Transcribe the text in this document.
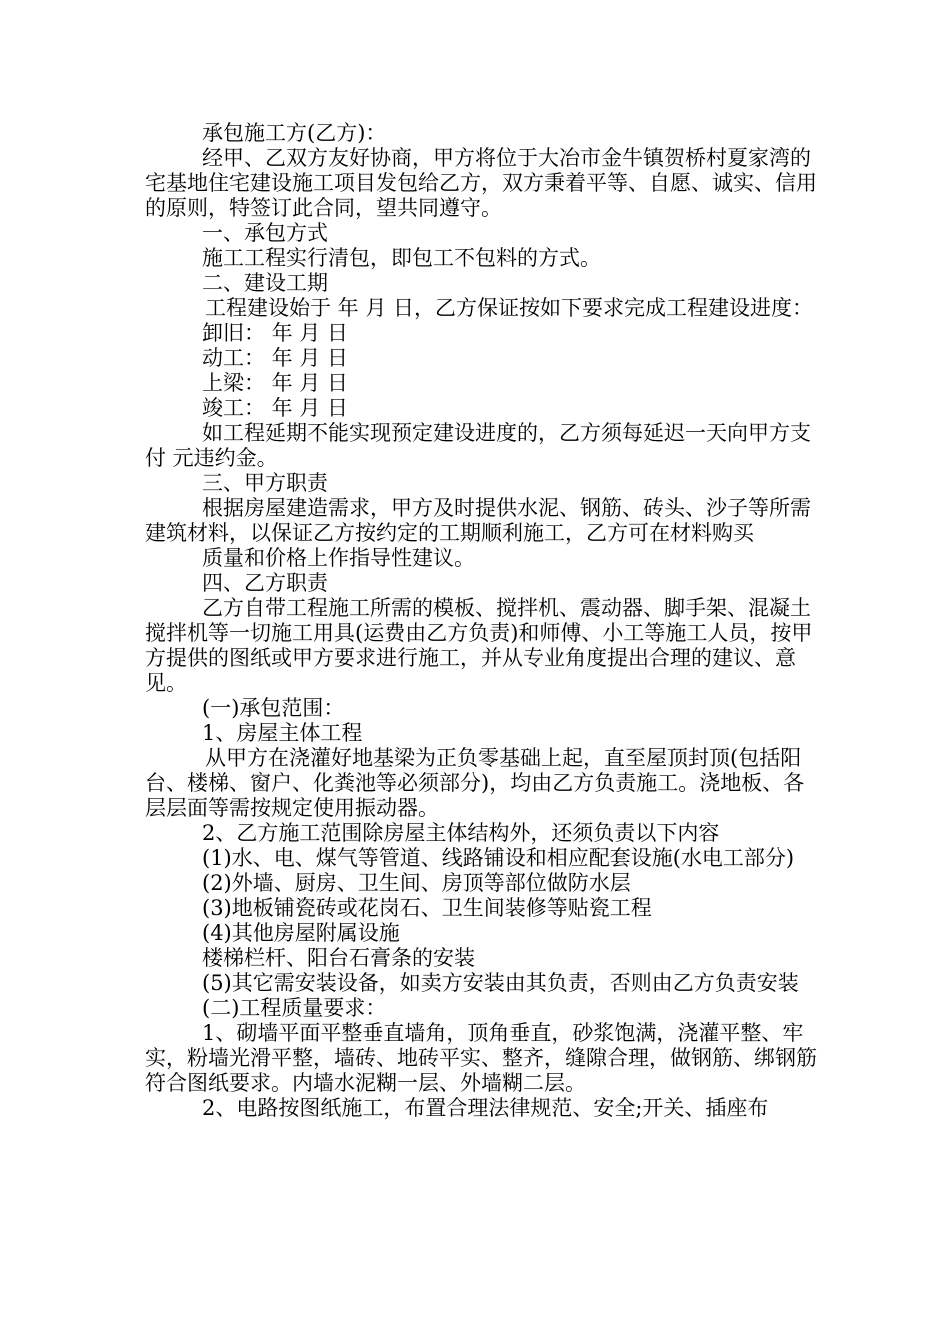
承包施工方(乙方)：

经甲、乙双方友好协商，甲方将位于大冶市金牛镇贺桥村夏家湾的宅基地住宅建设施工项目发包给乙方，双方秉着平等、自愿、诚实、信用的原则，特签订此合同，望共同遵守。

一、承包方式

施工工程实行清包，即包工不包料的方式。

二、建设工期

工程建设始于 年 月 日，乙方保证按如下要求完成工程建设进度：

卸旧： 年 月 日

动工： 年 月 日

上梁： 年 月 日

竣工： 年 月 日

如工程延期不能实现预定建设进度的，乙方须每延迟一天向甲方支付 元违约金。

三、甲方职责

根据房屋建造需求，甲方及时提供水泥、钢筋、砖头、沙子等所需建筑材料，以保证乙方按约定的工期顺利施工，乙方可在材料购买

质量和价格上作指导性建议。

四、乙方职责

乙方自带工程施工所需的模板、搅拌机、震动器、脚手架、混凝土搅拌机等一切施工用具(运费由乙方负责)和师傅、小工等施工人员，按甲方提供的图纸或甲方要求进行施工，并从专业角度提出合理的建议、意见。

(一)承包范围：

1、房屋主体工程

从甲方在浇灌好地基梁为正负零基础上起，直至屋顶封顶(包括阳台、楼梯、窗户、化粪池等必须部分)，均由乙方负责施工。浇地板、各层层面等需按规定使用振动器。

2、乙方施工范围除房屋主体结构外，还须负责以下内容

(1)水、电、煤气等管道、线路铺设和相应配套设施(水电工部分)

(2)外墙、厨房、卫生间、房顶等部位做防水层

(3)地板铺瓷砖或花岗石、卫生间装修等贴瓷工程

(4)其他房屋附属设施

楼梯栏杆、阳台石膏条的安装

(5)其它需安装设备，如卖方安装由其负责，否则由乙方负责安装

(二)工程质量要求：

1、砌墙平面平整垂直墙角，顶角垂直，砂浆饱满，浇灌平整、牢实，粉墙光滑平整，墙砖、地砖平实、整齐，缝隙合理，做钢筋、绑钢筋符合图纸要求。内墙水泥糊一层、外墙糊二层。

2、电路按图纸施工，布置合理法律规范、安全;开关、插座布
